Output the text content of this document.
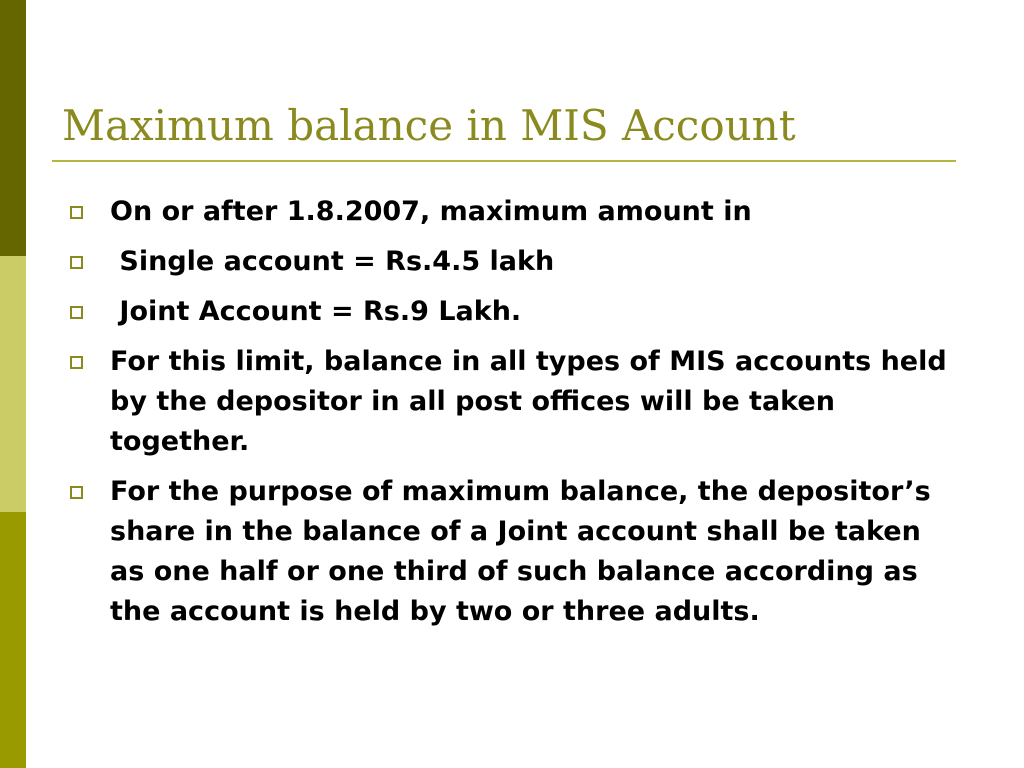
Maximum balance in MIS Account
On or after 1.8.2007, maximum amount in
Single account = Rs.4.5 lakh
Joint Account = Rs.9 Lakh.
For this limit, balance in all types of MIS accounts held by the depositor in all post offices will be taken together.
For the purpose of maximum balance, the depositor’s share in the balance of a Joint account shall be taken as one half or one third of such balance according as the account is held by two or three adults.
